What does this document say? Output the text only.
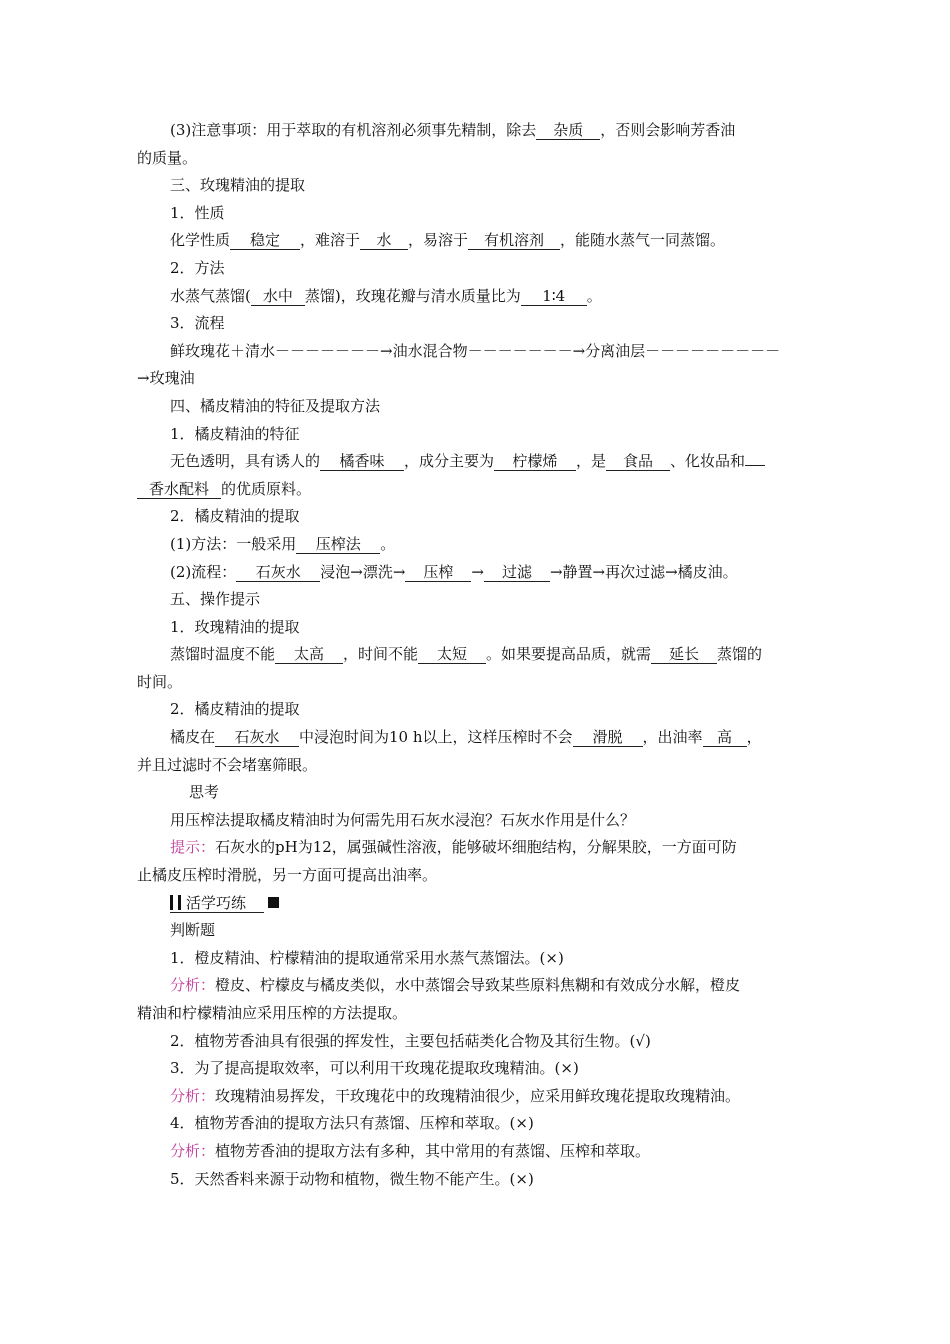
(3)注意事项：用于萃取的有机溶剂必须事先精制，除去 杂质 ，否则会影响芳香油
的质量。
三、玫瑰精油的提取
1．性质
化学性质 稳定 ，难溶于 水 ，易溶于 有机溶剂 ，能随水蒸气一同蒸馏。
2．方法
水蒸气蒸馏( 水中 蒸馏)，玫瑰花瓣与清水质量比为 1∶4 。
3．流程
鲜玫瑰花＋清水－－－－－－－→油水混合物－－－－－－－→分离油层－－－－－－－－－
→玫瑰油
四、橘皮精油的特征及提取方法
1．橘皮精油的特征
无色透明，具有诱人的 橘香味 ，成分主要为 柠檬烯 ，是 食品 、化妆品和
香水配料 的优质原料。
2．橘皮精油的提取
(1)方法：一般采用 压榨法 。
(2)流程： 石灰水 浸泡→漂洗→ 压榨 → 过滤 →静置→再次过滤→橘皮油。
五、操作提示
1．玫瑰精油的提取
蒸馏时温度不能 太高 ，时间不能 太短 。如果要提高品质，就需 延长 蒸馏的
时间。
2．橘皮精油的提取
橘皮在 石灰水 中浸泡时间为10 h以上，这样压榨时不会 滑脱 ，出油率 高 ，
并且过滤时不会堵塞筛眼。
思考
用压榨法提取橘皮精油时为何需先用石灰水浸泡？石灰水作用是什么？
提示：石灰水的pH为12，属强碱性溶液，能够破坏细胞结构，分解果胶，一方面可防
止橘皮压榨时滑脱，另一方面可提高出油率。
活学巧练
判断题
1．橙皮精油、柠檬精油的提取通常采用水蒸气蒸馏法。(×)
分析：橙皮、柠檬皮与橘皮类似，水中蒸馏会导致某些原料焦糊和有效成分水解，橙皮
精油和柠檬精油应采用压榨的方法提取。
2．植物芳香油具有很强的挥发性，主要包括萜类化合物及其衍生物。(√)
3．为了提高提取效率，可以利用干玫瑰花提取玫瑰精油。(×)
分析：玫瑰精油易挥发，干玫瑰花中的玫瑰精油很少，应采用鲜玫瑰花提取玫瑰精油。
4．植物芳香油的提取方法只有蒸馏、压榨和萃取。(×)
分析：植物芳香油的提取方法有多种，其中常用的有蒸馏、压榨和萃取。
5．天然香料来源于动物和植物，微生物不能产生。(×)
